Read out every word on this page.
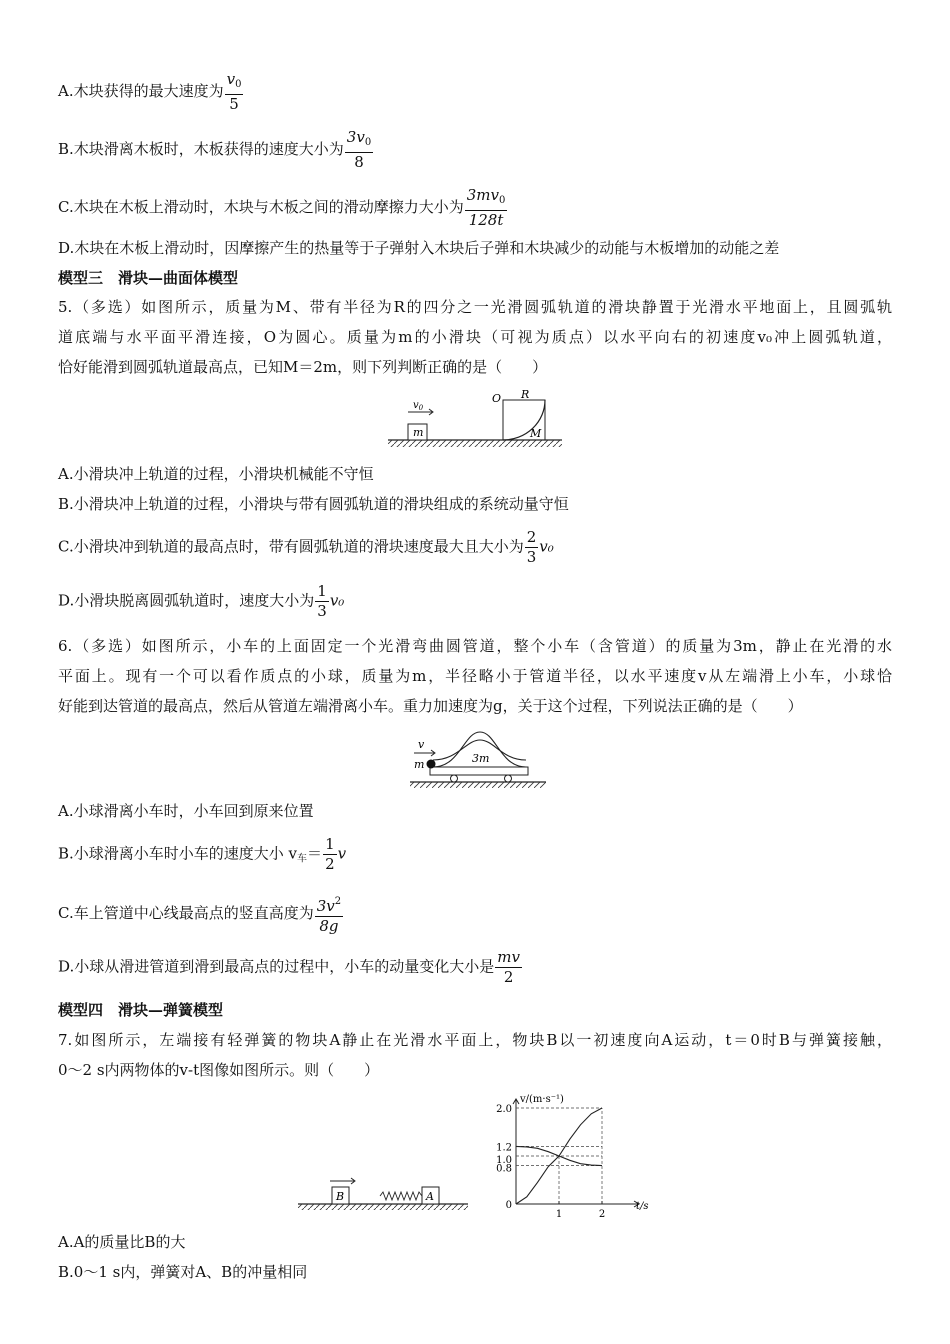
A.木块获得的最大速度为 $\frac{v_0}{5}$
B.木块滑离木板时，木板获得的速度大小为 $\frac{3v_0}{8}$
C.木块在木板上滑动时，木块与木板之间的滑动摩擦力大小为 $\frac{3mv_0}{128t}$
D.木块在木板上滑动时，因摩擦产生的热量等于子弹射入木块后子弹和木块减少的动能与木板增加的动能之差
模型三　滑块—曲面体模型
5.（多选）如图所示，质量为M、带有半径为R的四分之一光滑圆弧轨道的滑块静置于光滑水平地面上，且圆弧轨
道底端与水平面平滑连接，O为圆心。质量为m的小滑块（可视为质点）以水平向右的初速度v₀冲上圆弧轨道，
恰好能滑到圆弧轨道最高点，已知M＝2m，则下列判断正确的是（　　）
m
$v_0$
O R
M
A.小滑块冲上轨道的过程，小滑块机械能不守恒
B.小滑块冲上轨道的过程，小滑块与带有圆弧轨道的滑块组成的系统动量守恒
C.小滑块冲到轨道的最高点时，带有圆弧轨道的滑块速度最大且大小为 $\frac{2}{3} v_0$
D.小滑块脱离圆弧轨道时，速度大小为 $\frac{1}{3} v_0$
6.（多选）如图所示，小车的上面固定一个光滑弯曲圆管道，整个小车（含管道）的质量为3m，静止在光滑的水
平面上。现有一个可以看作质点的小球，质量为m，半径略小于管道半径，以水平速度v从左端滑上小车，小球恰
好能到达管道的最高点，然后从管道左端滑离小车。重力加速度为g，关于这个过程，下列说法正确的是（　　）
3m
m
v
A.小球滑离小车时，小车回到原来位置
B.小球滑离小车时小车的速度大小 $v_车= \frac{1}{2}$ v
C.车上管道中心线最高点的竖直高度为 $\frac{3v^2}{8g}$
D.小球从滑进管道到滑到最高点的过程中，小车的动量变化大小是 $\frac{mv}{2}$
模型四　滑块—弹簧模型
7.如图所示，左端接有轻弹簧的物块A静止在光滑水平面上，物块B以一初速度向A运动，t＝0时B与弹簧接触，
0～2 s内两物体的v-t图像如图所示。则（　　）
B	A
v/(m·s⁻¹)
t/s
0
0.8
1.0
1.2
2.0
1	2
A.A的质量比B的大
B.0～1 s内，弹簧对A、B的冲量相同
